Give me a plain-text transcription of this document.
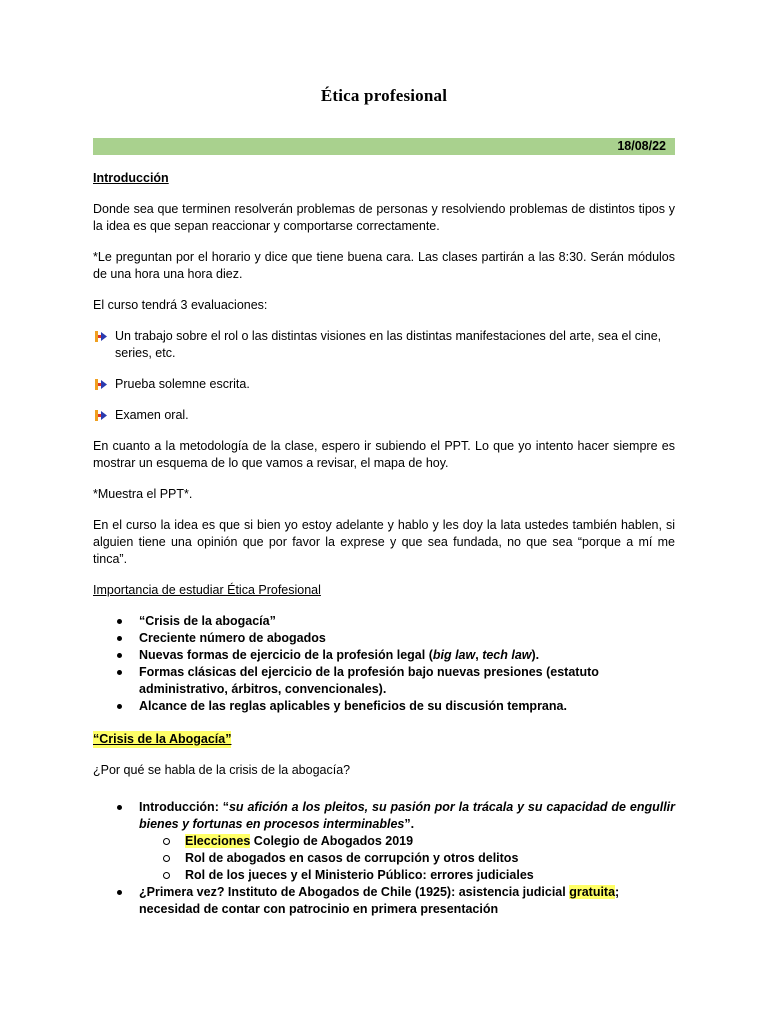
Ética profesional
18/08/22

Introducción

Donde sea que terminen resolverán problemas de personas y resolviendo problemas de distintos tipos y la idea es que sepan reaccionar y comportarse correctamente.

*Le preguntan por el horario y dice que tiene buena cara. Las clases partirán a las 8:30. Serán módulos de una hora una hora diez.

El curso tendrá 3 evaluaciones:

Un trabajo sobre el rol o las distintas visiones en las distintas manifestaciones del arte, sea el cine, series, etc.
Prueba solemne escrita.
Examen oral.

En cuanto a la metodología de la clase, espero ir subiendo el PPT. Lo que yo intento hacer siempre es mostrar un esquema de lo que vamos a revisar, el mapa de hoy.

*Muestra el PPT*.

En el curso la idea es que si bien yo estoy adelante y hablo y les doy la lata ustedes también hablen, si alguien tiene una opinión que por favor la exprese y que sea fundada, no que sea “porque a mí me tinca”.

Importancia de estudiar Ética Profesional

“Crisis de la abogacía”
Creciente número de abogados
Nuevas formas de ejercicio de la profesión legal (big law, tech law).
Formas clásicas del ejercicio de la profesión bajo nuevas presiones (estatuto administrativo, árbitros, convencionales).
Alcance de las reglas aplicables y beneficios de su discusión temprana.
“Crisis de la Abogacía”

¿Por qué se habla de la crisis de la abogacía?

Introducción: “su afición a los pleitos, su pasión por la trácala y su capacidad de engullir bienes y fortunas en procesos interminables”.
Elecciones Colegio de Abogados 2019
Rol de abogados en casos de corrupción y otros delitos
Rol de los jueces y el Ministerio Público: errores judiciales
¿Primera vez? Instituto de Abogados de Chile (1925): asistencia judicial gratuita; necesidad de contar con patrocinio en primera presentación
